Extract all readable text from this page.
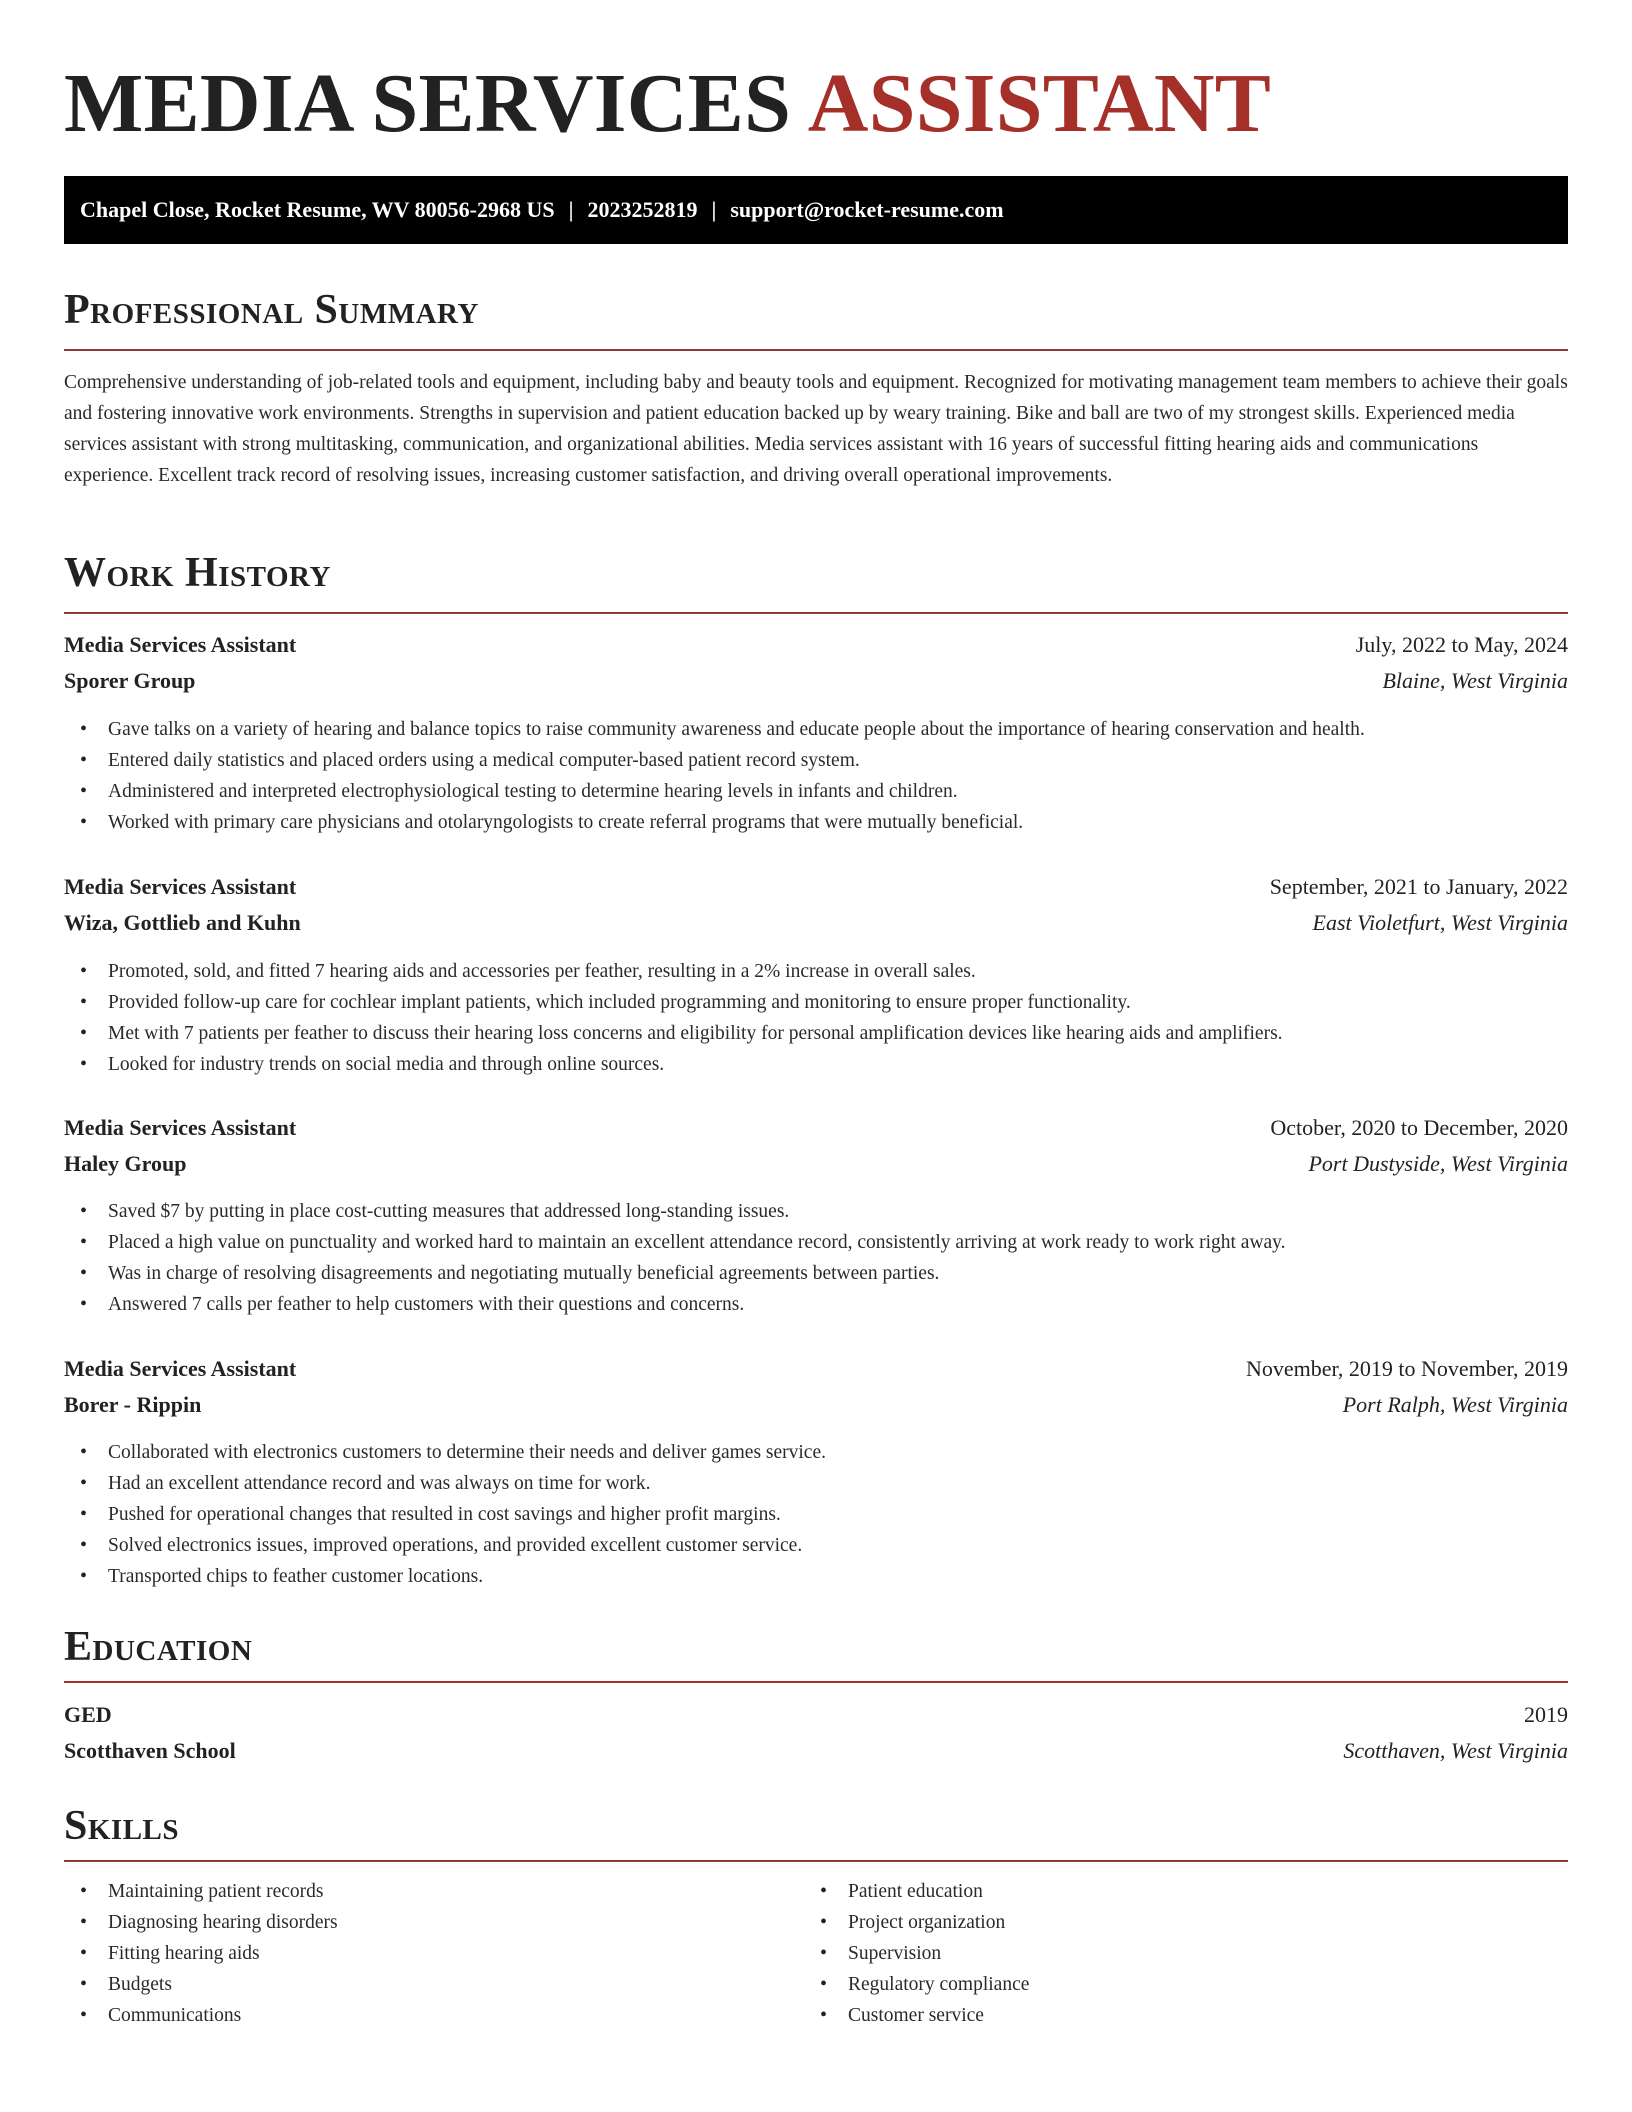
MEDIA SERVICES ASSISTANT
Chapel Close, Rocket Resume, WV 80056-2968 US | 2023252819 | support@rocket-resume.com
Professional Summary

Comprehensive understanding of job-related tools and equipment, including baby and beauty tools and equipment. Recognized for motivating management team members to achieve their goals and fostering innovative work environments. Strengths in supervision and patient education backed up by weary training. Bike and ball are two of my strongest skills. Experienced media services assistant with strong multitasking, communication, and organizational abilities. Media services assistant with 16 years of successful fitting hearing aids and communications experience. Excellent track record of resolving issues, increasing customer satisfaction, and driving overall operational improvements.

Work History
Media Services Assistant	July, 2022 to May, 2024
Sporer Group	Blaine, West Virginia
• Gave talks on a variety of hearing and balance topics to raise community awareness and educate people about the importance of hearing conservation and health.
• Entered daily statistics and placed orders using a medical computer-based patient record system.
• Administered and interpreted electrophysiological testing to determine hearing levels in infants and children.
• Worked with primary care physicians and otolaryngologists to create referral programs that were mutually beneficial.
Media Services Assistant	September, 2021 to January, 2022
Wiza, Gottlieb and Kuhn	East Violetfurt, West Virginia
• Promoted, sold, and fitted 7 hearing aids and accessories per feather, resulting in a 2% increase in overall sales.
• Provided follow-up care for cochlear implant patients, which included programming and monitoring to ensure proper functionality.
• Met with 7 patients per feather to discuss their hearing loss concerns and eligibility for personal amplification devices like hearing aids and amplifiers.
• Looked for industry trends on social media and through online sources.
Media Services Assistant	October, 2020 to December, 2020
Haley Group	Port Dustyside, West Virginia
• Saved $7 by putting in place cost-cutting measures that addressed long-standing issues.
• Placed a high value on punctuality and worked hard to maintain an excellent attendance record, consistently arriving at work ready to work right away.
• Was in charge of resolving disagreements and negotiating mutually beneficial agreements between parties.
• Answered 7 calls per feather to help customers with their questions and concerns.
Media Services Assistant	November, 2019 to November, 2019
Borer - Rippin	Port Ralph, West Virginia
• Collaborated with electronics customers to determine their needs and deliver games service.
• Had an excellent attendance record and was always on time for work.
• Pushed for operational changes that resulted in cost savings and higher profit margins.
• Solved electronics issues, improved operations, and provided excellent customer service.
• Transported chips to feather customer locations.
Education
GED	2019
Scotthaven School	Scotthaven, West Virginia
Skills
• Maintaining patient records
• Diagnosing hearing disorders
• Fitting hearing aids
• Budgets
• Communications
• Patient education
• Project organization
• Supervision
• Regulatory compliance
• Customer service
